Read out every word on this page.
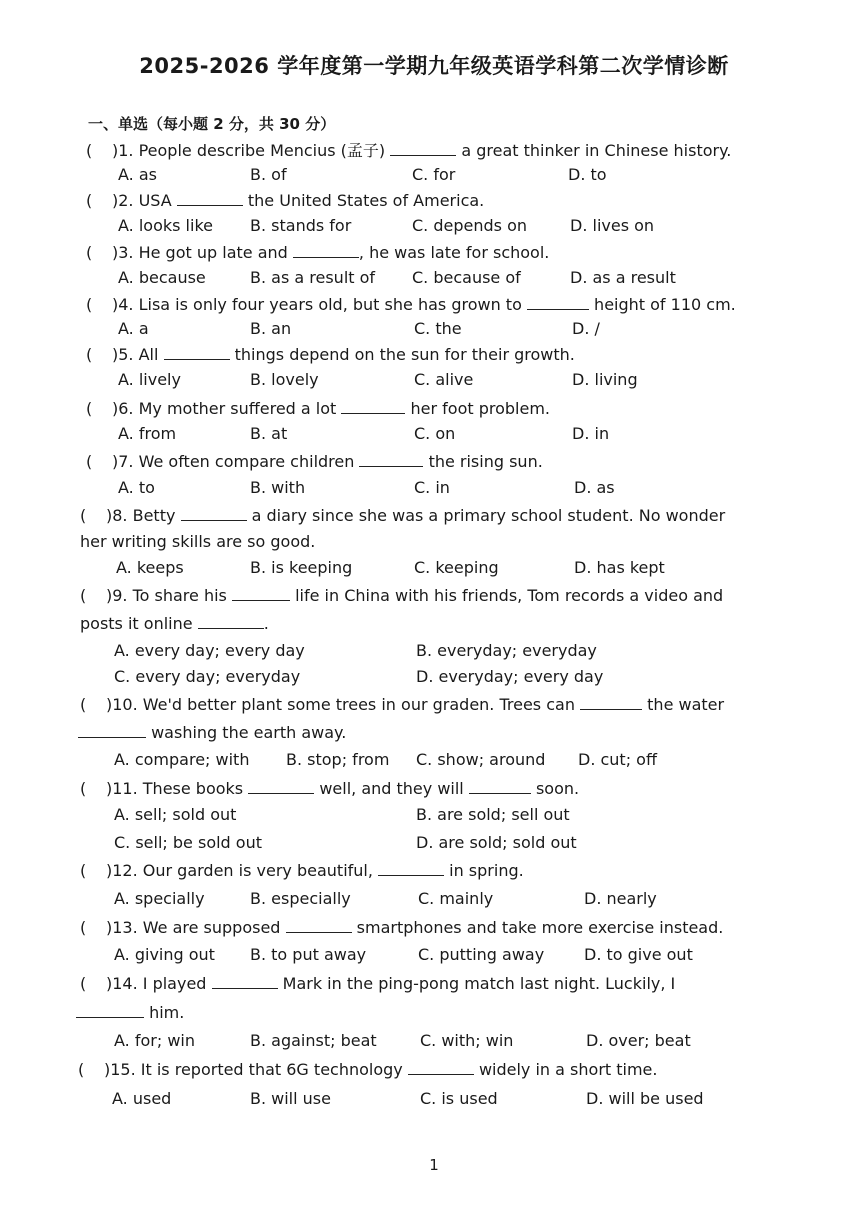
2025-2026 学年度第一学期九年级英语学科第二次学情诊断
一、单选（每小题 2 分，共 30 分）
( )1. People describe Mencius (孟子)	a great thinker in Chinese history.
A. as	B. of	C. for	D. to
( )2. USA	the United States of America.
A. looks like B. stands for	C. depends on	D. lives on
( )3. He got up late and	, he was late for school.
A. because	B. as a result of C. because of	D. as a result
( )4. Lisa is only four years old, but she has grown to	height of 110 cm.
A. a	B. an	C. the	D. /
( )5. All	things depend on the sun for their growth.
A. lively	B. lovely	C. alive	D. living
( )6. My mother suffered a lot	her foot problem.
A. from	B. at	C. on	D. in
( )7. We often compare children	the rising sun.
A. to	B. with	C. in	D. as
( )8. Betty	a diary since she was a primary school student. No wonder
her writing skills are so good.
A. keeps	B. is keeping	C. keeping	D. has kept
( )9. To share his	life in China with his friends, Tom records a video and
posts it online	.
A. every day; every day	B. everyday; everyday
C. every day; everyday	D. everyday; every day
( )10. We'd better plant some trees in our graden. Trees can	the water
washing the earth away.
A. compare; with B. stop; from C. show; around D. cut; off
( )11. These books	well, and they will	soon.
A. sell; sold out	B. are sold; sell out
C. sell; be sold out	D. are sold; sold out
( )12. Our garden is very beautiful,	in spring.
A. specially	B. especially	C. mainly	D. nearly
( )13. We are supposed	smartphones and take more exercise instead.
A. giving out B. to put away	C. putting away D. to give out
( )14. I played	Mark in the ping-pong match last night. Luckily, I
him.
A. for; win	B. against; beat	C. with; win	D. over; beat
( )15. It is reported that 6G technology	widely in a short time.
A. used	B. will use	C. is used	D. will be used
1
